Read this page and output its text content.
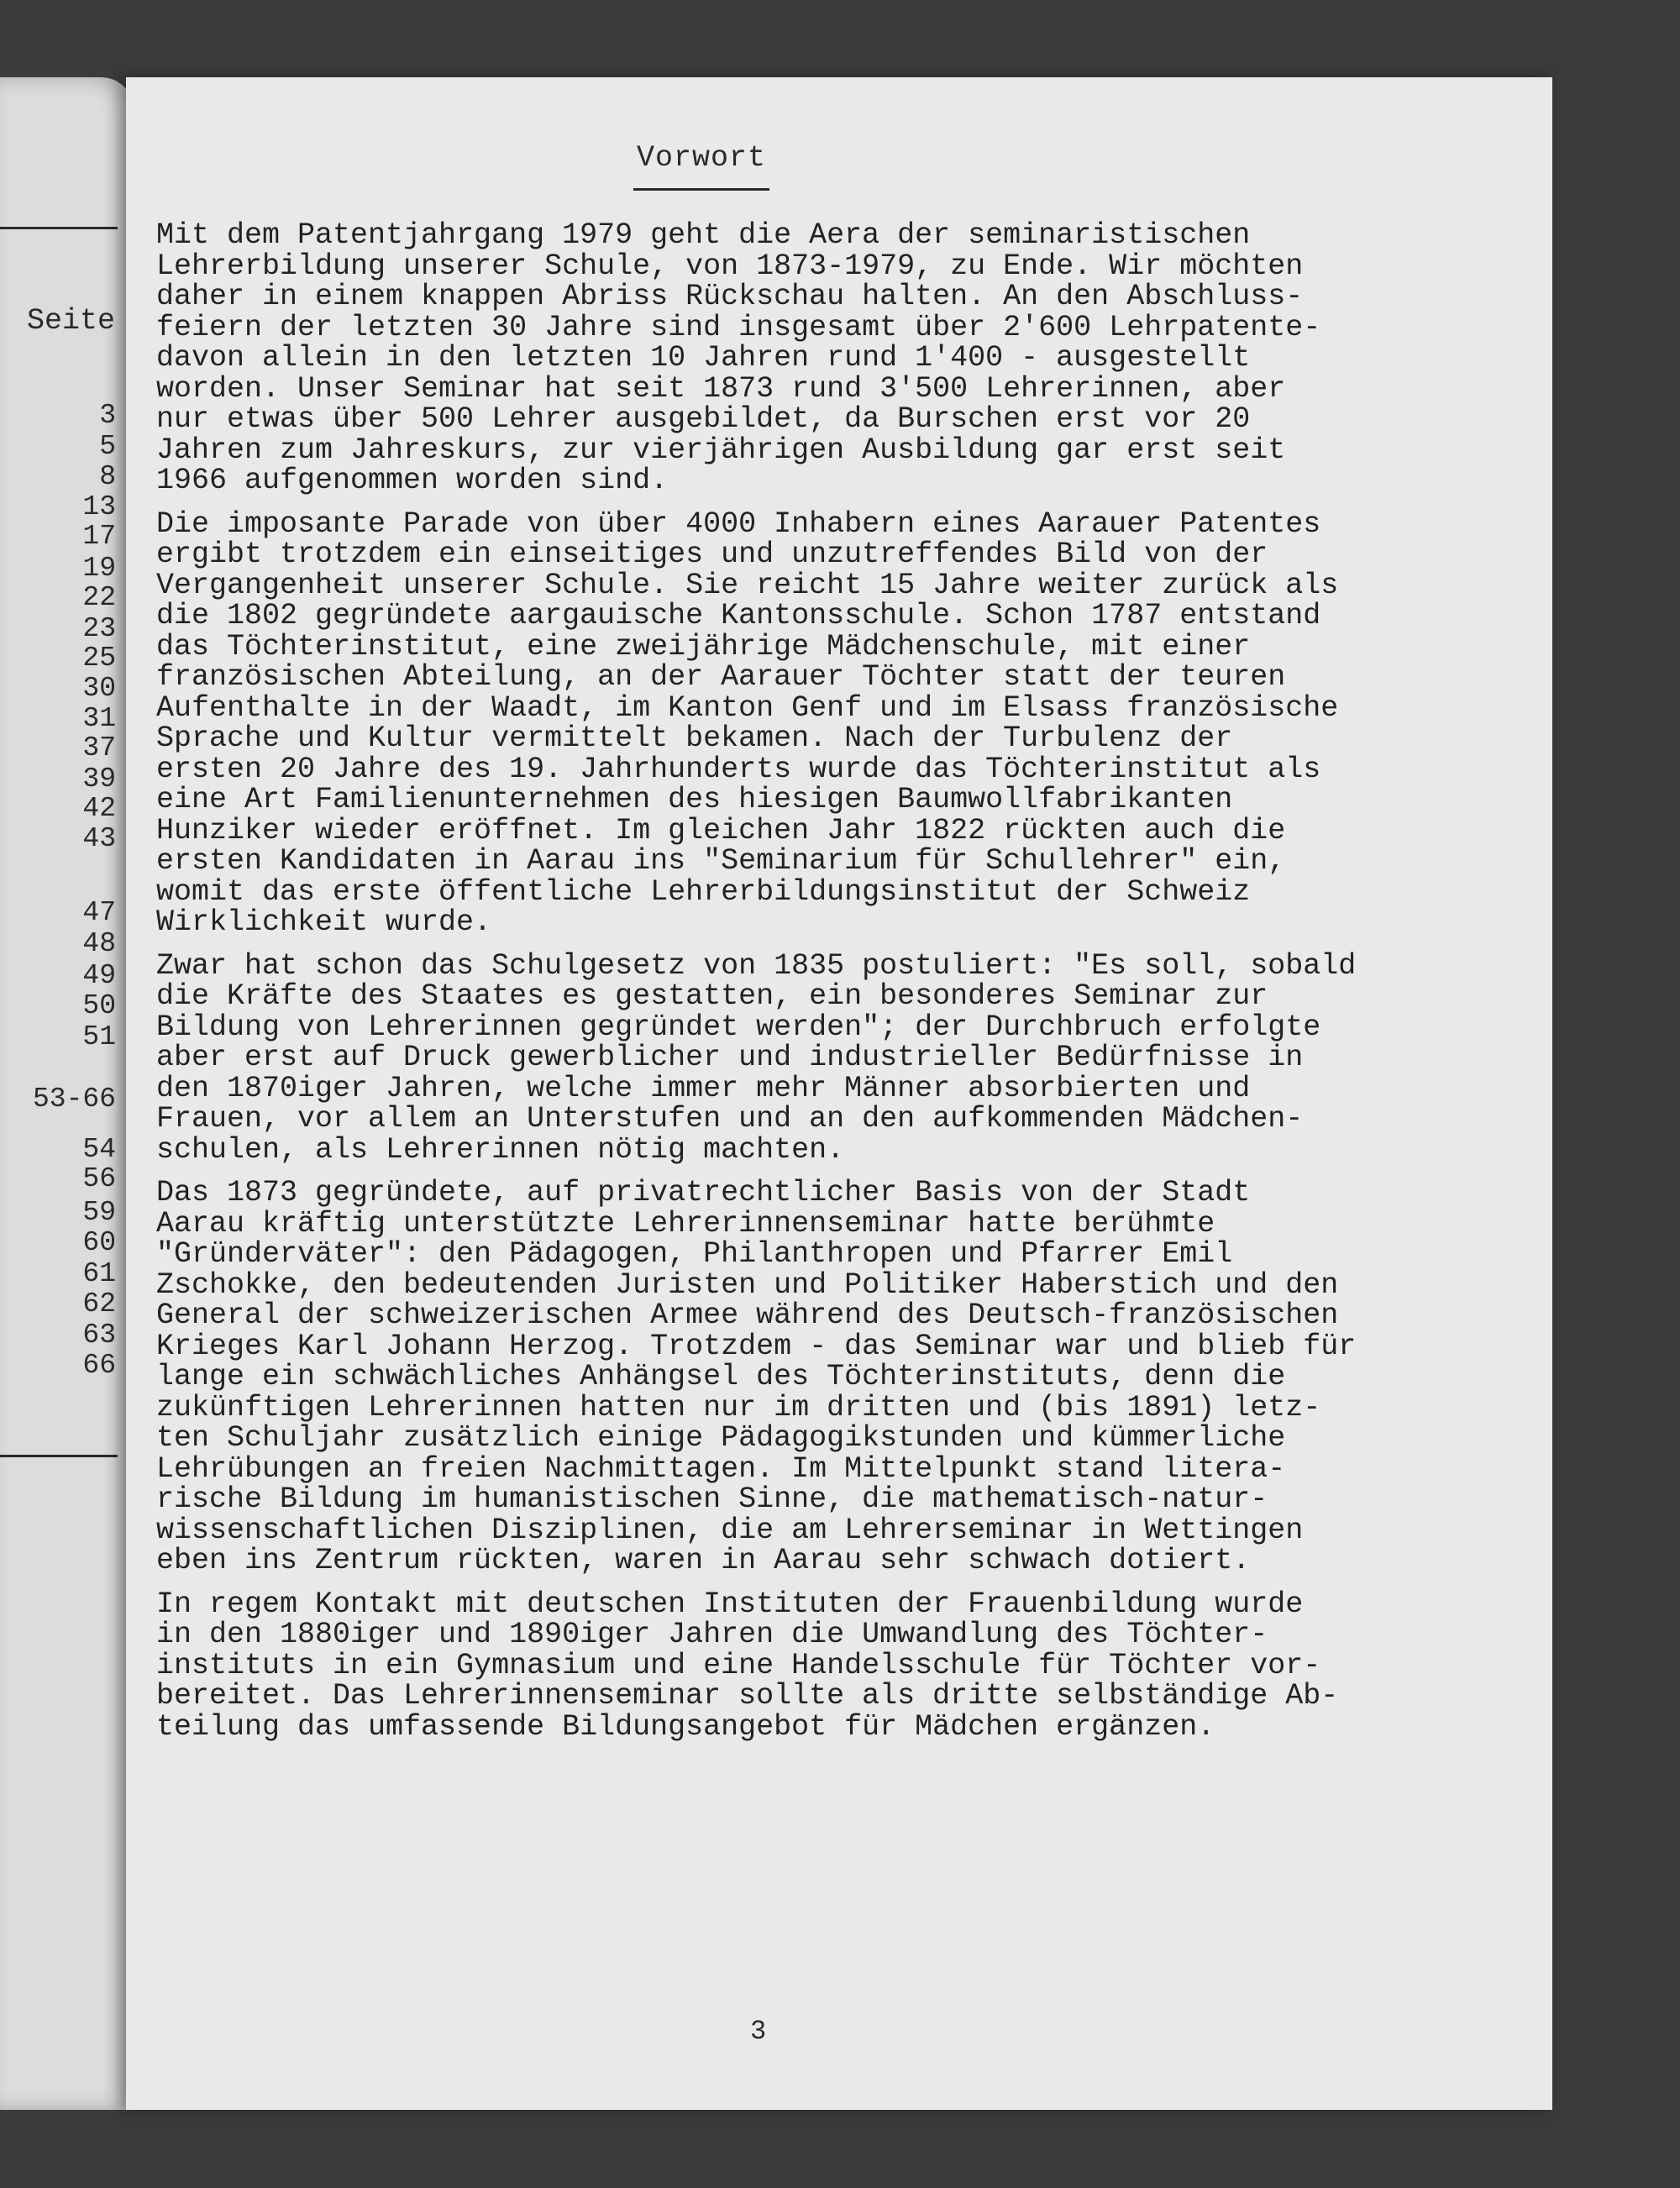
3
5
8
13
17
19
22
23
25
30
31
37
39
42
43
47
48
49
50
51
53-66
54
56
59
60
61
62
63
66
Seite
Vorwort
Mit dem Patentjahrgang 1979 geht die Aera der seminaristischen
Lehrerbildung unserer Schule, von 1873-1979, zu Ende. Wir möchten
daher in einem knappen Abriss Rückschau halten. An den Abschluss-
feiern der letzten 30 Jahre sind insgesamt über 2'600 Lehrpatente-
davon allein in den letzten 10 Jahren rund 1'400 - ausgestellt
worden. Unser Seminar hat seit 1873 rund 3'500 Lehrerinnen, aber
nur etwas über 500 Lehrer ausgebildet, da Burschen erst vor 20
Jahren zum Jahreskurs, zur vierjährigen Ausbildung gar erst seit
1966 aufgenommen worden sind.
Die imposante Parade von über 4000 Inhabern eines Aarauer Patentes
ergibt trotzdem ein einseitiges und unzutreffendes Bild von der
Vergangenheit unserer Schule. Sie reicht 15 Jahre weiter zurück als
die 1802 gegründete aargauische Kantonsschule. Schon 1787 entstand
das Töchterinstitut, eine zweijährige Mädchenschule, mit einer
französischen Abteilung, an der Aarauer Töchter statt der teuren
Aufenthalte in der Waadt, im Kanton Genf und im Elsass französische
Sprache und Kultur vermittelt bekamen. Nach der Turbulenz der
ersten 20 Jahre des 19. Jahrhunderts wurde das Töchterinstitut als
eine Art Familienunternehmen des hiesigen Baumwollfabrikanten
Hunziker wieder eröffnet. Im gleichen Jahr 1822 rückten auch die
ersten Kandidaten in Aarau ins "Seminarium für Schullehrer" ein,
womit das erste öffentliche Lehrerbildungsinstitut der Schweiz
Wirklichkeit wurde.
Zwar hat schon das Schulgesetz von 1835 postuliert: "Es soll, sobald
die Kräfte des Staates es gestatten, ein besonderes Seminar zur
Bildung von Lehrerinnen gegründet werden"; der Durchbruch erfolgte
aber erst auf Druck gewerblicher und industrieller Bedürfnisse in
den 1870iger Jahren, welche immer mehr Männer absorbierten und
Frauen, vor allem an Unterstufen und an den aufkommenden Mädchen-
schulen, als Lehrerinnen nötig machten.
Das 1873 gegründete, auf privatrechtlicher Basis von der Stadt
Aarau kräftig unterstützte Lehrerinnenseminar hatte berühmte
"Gründerväter": den Pädagogen, Philanthropen und Pfarrer Emil
Zschokke, den bedeutenden Juristen und Politiker Haberstich und den
General der schweizerischen Armee während des Deutsch-französischen
Krieges Karl Johann Herzog. Trotzdem - das Seminar war und blieb für
lange ein schwächliches Anhängsel des Töchterinstituts, denn die
zukünftigen Lehrerinnen hatten nur im dritten und (bis 1891) letz-
ten Schuljahr zusätzlich einige Pädagogikstunden und kümmerliche
Lehrübungen an freien Nachmittagen. Im Mittelpunkt stand litera-
rische Bildung im humanistischen Sinne, die mathematisch-natur-
wissenschaftlichen Disziplinen, die am Lehrerseminar in Wettingen
eben ins Zentrum rückten, waren in Aarau sehr schwach dotiert.
In regem Kontakt mit deutschen Instituten der Frauenbildung wurde
in den 1880iger und 1890iger Jahren die Umwandlung des Töchter-
instituts in ein Gymnasium und eine Handelsschule für Töchter vor-
bereitet. Das Lehrerinnenseminar sollte als dritte selbständige Ab-
teilung das umfassende Bildungsangebot für Mädchen ergänzen.
3
